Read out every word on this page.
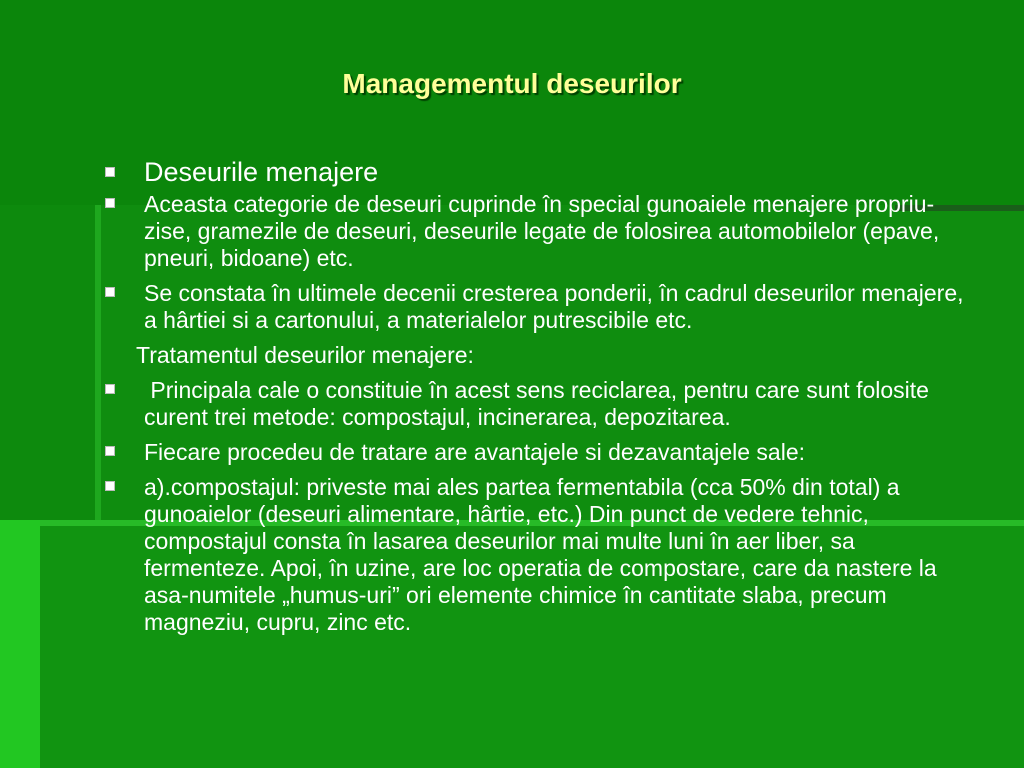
Managementul deseurilor
Deseurile menajere
Aceasta categorie de deseuri cuprinde în special gunoaiele menajere propriu-zise, gramezile de deseuri, deseurile legate de folosirea automobilelor (epave, pneuri, bidoane) etc.
Se constata în ultimele decenii cresterea ponderii, în cadrul deseurilor menajere, a hârtiei si a cartonului, a materialelor putrescibile etc.
Tratamentul deseurilor menajere:
Principala cale o constituie în acest sens reciclarea, pentru care sunt folosite curent trei metode: compostajul, incinerarea, depozitarea.
Fiecare procedeu de tratare are avantajele si dezavantajele sale:
a).compostajul: priveste mai ales partea fermentabila (cca 50% din total) a gunoaielor (deseuri alimentare, hârtie, etc.) Din punct de vedere tehnic, compostajul consta în lasarea deseurilor mai multe luni în aer liber, sa fermenteze. Apoi, în uzine, are loc operatia de compostare, care da nastere la asa-numitele „humus-uri” ori elemente chimice în cantitate slaba, precum magneziu, cupru, zinc etc.
